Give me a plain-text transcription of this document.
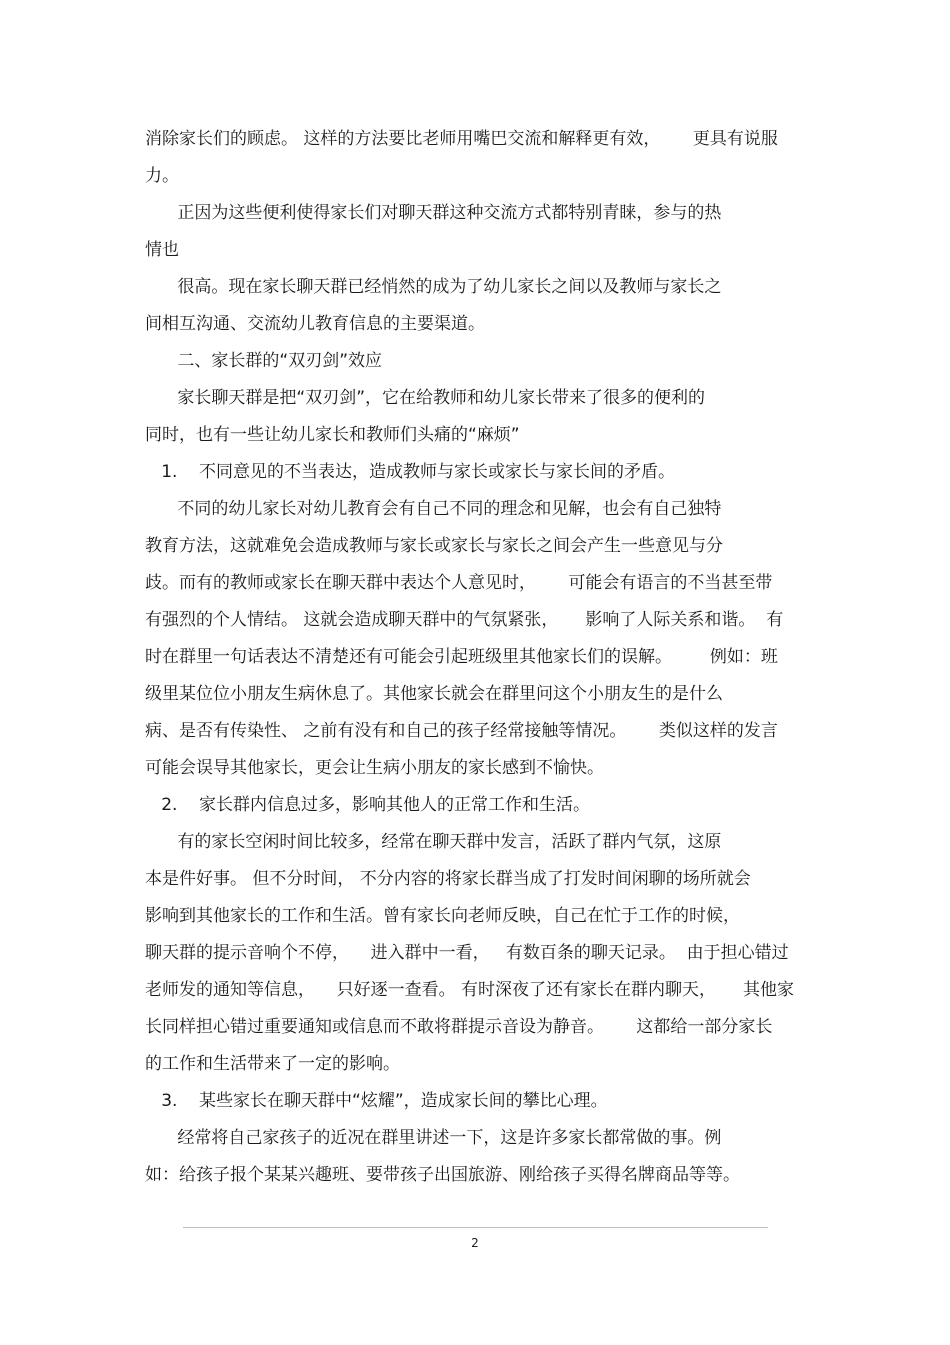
消除家长们的顾虑。 这样的方法要比老师用嘴巴交流和解释更有效，      更具有说服

力。

正因为这些便利使得家长们对聊天群这种交流方式都特别青睐，参与的热

情也

很高。现在家长聊天群已经悄然的成为了幼儿家长之间以及教师与家长之

间相互沟通、交流幼儿教育信息的主要渠道。

二、家长群的“双刃剑”效应

家长聊天群是把“双刃剑”，它在给教师和幼儿家长带来了很多的便利的

同时，也有一些让幼儿家长和教师们头痛的“麻烦”

1.    不同意见的不当表达，造成教师与家长或家长与家长间的矛盾。

不同的幼儿家长对幼儿教育会有自己不同的理念和见解，也会有自己独特

教育方法，这就难免会造成教师与家长或家长与家长之间会产生一些意见与分

歧。而有的教师或家长在聊天群中表达个人意见时，      可能会有语言的不当甚至带

有强烈的个人情结。 这就会造成聊天群中的气氛紧张，     影响了人际关系和谐。  有

时在群里一句话表达不清楚还有可能会引起班级里其他家长们的误解。       例如：班

级里某位位小朋友生病休息了。其他家长就会在群里问这个小朋友生的是什么

病、是否有传染性、 之前有没有和自己的孩子经常接触等情况。      类似这样的发言

可能会误导其他家长，更会让生病小朋友的家长感到不愉快。

2.    家长群内信息过多，影响其他人的正常工作和生活。

有的家长空闲时间比较多，经常在聊天群中发言，活跃了群内气氛，这原

本是件好事。 但不分时间， 不分内容的将家长群当成了打发时间闲聊的场所就会

影响到其他家长的工作和生活。曾有家长向老师反映，自己在忙于工作的时候，

聊天群的提示音响个不停，    进入群中一看，   有数百条的聊天记录。  由于担心错过

老师发的通知等信息，    只好逐一查看。 有时深夜了还有家长在群内聊天，     其他家

长同样担心错过重要通知或信息而不敢将群提示音设为静音。      这都给一部分家长

的工作和生活带来了一定的影响。

3.    某些家长在聊天群中“炫耀”，造成家长间的攀比心理。

经常将自己家孩子的近况在群里讲述一下，这是许多家长都常做的事。例

如：给孩子报个某某兴趣班、要带孩子出国旅游、刚给孩子买得名牌商品等等。

2
